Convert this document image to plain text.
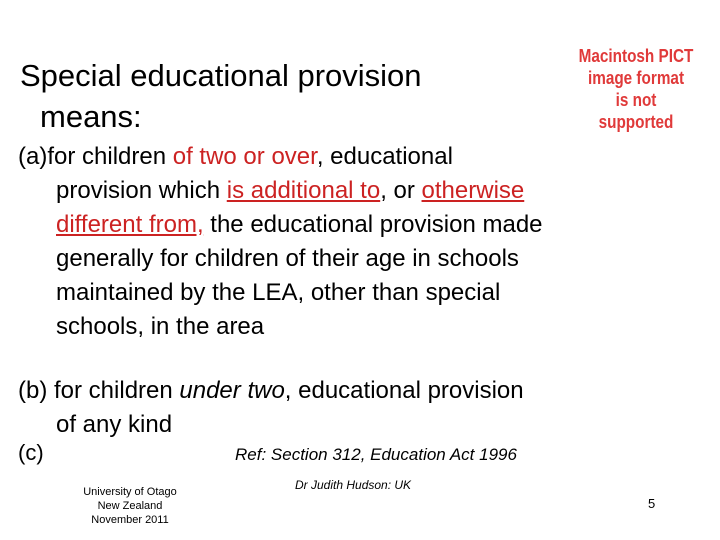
Special educational provision
means:
Macintosh PICT
image format
is not supported
(a)for children of two or over, educational
provision which is additional to, or otherwise
different from, the educational provision made
generally for children of their age in schools
maintained by the LEA, other than special
schools, in the area
(b) for children under two, educational provision
of any kind
(c)	Ref: Section 312, Education Act 1996
University of Otago
New Zealand
November 2011
Dr Judith Hudson: UK
5
